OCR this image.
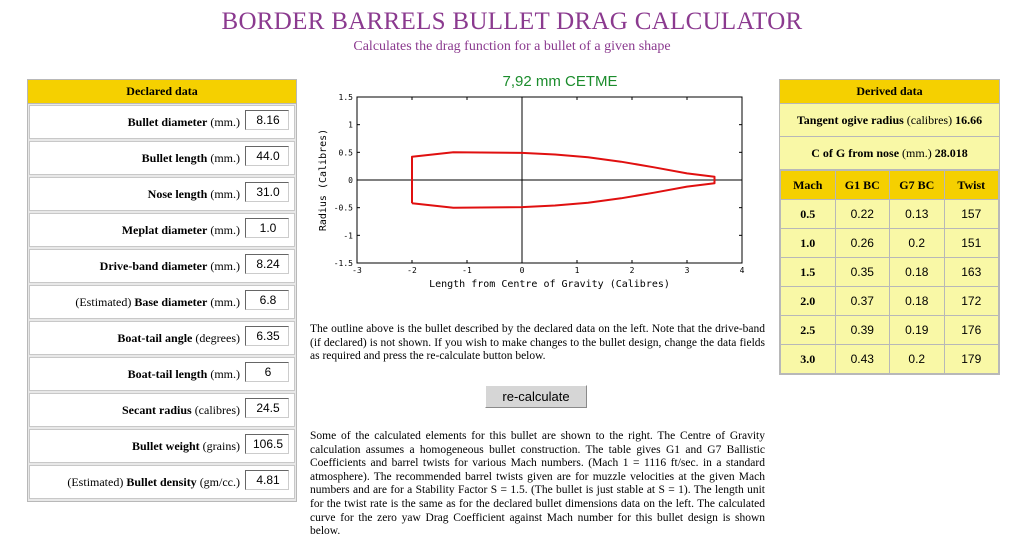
BORDER BARRELS BULLET DRAG CALCULATOR
Calculates the drag function for a bullet of a given shape
Declared data
Bullet diameter (mm.)
8.16
Bullet length (mm.)
44.0
Nose length (mm.)
31.0
Meplat diameter (mm.)
1.0
Drive-band diameter (mm.)
8.24
(Estimated) Base diameter (mm.)
6.8
Boat-tail angle (degrees)
6.35
Boat-tail length (mm.)
6
Secant radius (calibres)
24.5
Bullet weight (grains)
106.5
(Estimated) Bullet density (gm/cc.)
4.81
7,92 mm CETME
-3	-2	-1	0	1	2	3	4
-1.5
-1
-0.5
0
0.5
1
1.5
Length from Centre of Gravity (Calibres)
Radius (Calibres)
The outline above is the bullet described by the declared data on the left. Note that the drive-band (if declared) is not shown. If you wish to make changes to the bullet design, change the data fields as required and press the re-calculate button below.
re-calculate
Some of the calculated elements for this bullet are shown to the right. The Centre of Gravity calculation assumes a homogeneous bullet construction. The table gives G1 and G7 Ballistic Coefficients and barrel twists for various Mach numbers. (Mach 1 = 1116 ft/sec. in a standard atmosphere). The recommended barrel twists given are for muzzle velocities at the given Mach numbers and are for a Stability Factor S = 1.5. (The bullet is just stable at S = 1). The length unit for the twist rate is the same as for the declared bullet dimensions data on the left. The calculated curve for the zero yaw Drag Coefficient against Mach number for this bullet design is shown below.
Derived data
Tangent ogive radius (calibres) 16.66
C of G from nose (mm.) 28.018
Mach	G1 BC	G7 BC	Twist
0.5	0.22	0.13	157
1.0	0.26	0.2	151
1.5	0.35	0.18	163
2.0	0.37	0.18	172
2.5	0.39	0.19	176
3.0	0.43	0.2	179
